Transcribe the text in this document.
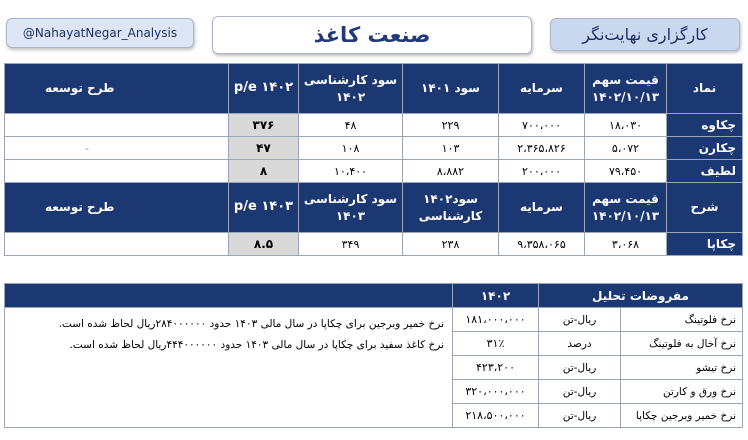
@NahayatNegar_Analysis	صنعت کاغذ	کارگزاری نهایت‌نگر
نماد	قیمت سهم ۱۴۰۲/۱۰/۱۳	سرمایه	سود ۱۴۰۱	سود کارشناسی ۱۴۰۲	p/e ۱۴۰۲	طرح توسعه
چکاوه	۱۸،۰۳۰	۷۰۰،۰۰۰	۲۲۹	۴۸	۳۷۶	
چکارن	۵،۰۷۲	۲،۳۶۵،۸۲۶	۱۰۳	۱۰۸	۴۷	-
لطیف	۷۹،۴۵۰	۲۰۰،۰۰۰	۸،۸۸۲	۱۰،۴۰۰	۸	
شرح	قیمت سهم ۱۴۰۲/۱۰/۱۳	سرمایه	سود۱۴۰۲ کارشناسی	سود کارشناسی ۱۴۰۳	p/e ۱۴۰۳	طرح توسعه
چکاپا	۳،۰۶۸	۹،۳۵۸،۰۶۵	۲۳۸	۳۴۹	۸.۵	
مفروضات تحلیل		۱۴۰۲	
نرخ فلوتینگ	ریال-تن	۱۸۱،۰۰۰،۰۰۰	نرخ خمیر وبرجین برای چکاپا در سال مالی ۱۴۰۳ حدود ۲۸۴۰۰۰۰۰۰ریال لحاظ شده است.
نرخ کاغذ سفید برای چکاپا در سال مالی ۱۴۰۳ حدود ۴۴۴۰۰۰۰۰۰ریال لحاظ شده است.

نرخ آخال به فلوتینگ	درصد	۳۱٪	
نرخ تیشو	ریال-تن	۴۲۳،۲۰۰	
نرخ ورق و کارتن	ریال-تن	۳۲۰،۰۰۰،۰۰۰	
نرخ خمیر وبرجین چکاپا	ریال-تن	۲۱۸،۵۰۰،۰۰۰	
